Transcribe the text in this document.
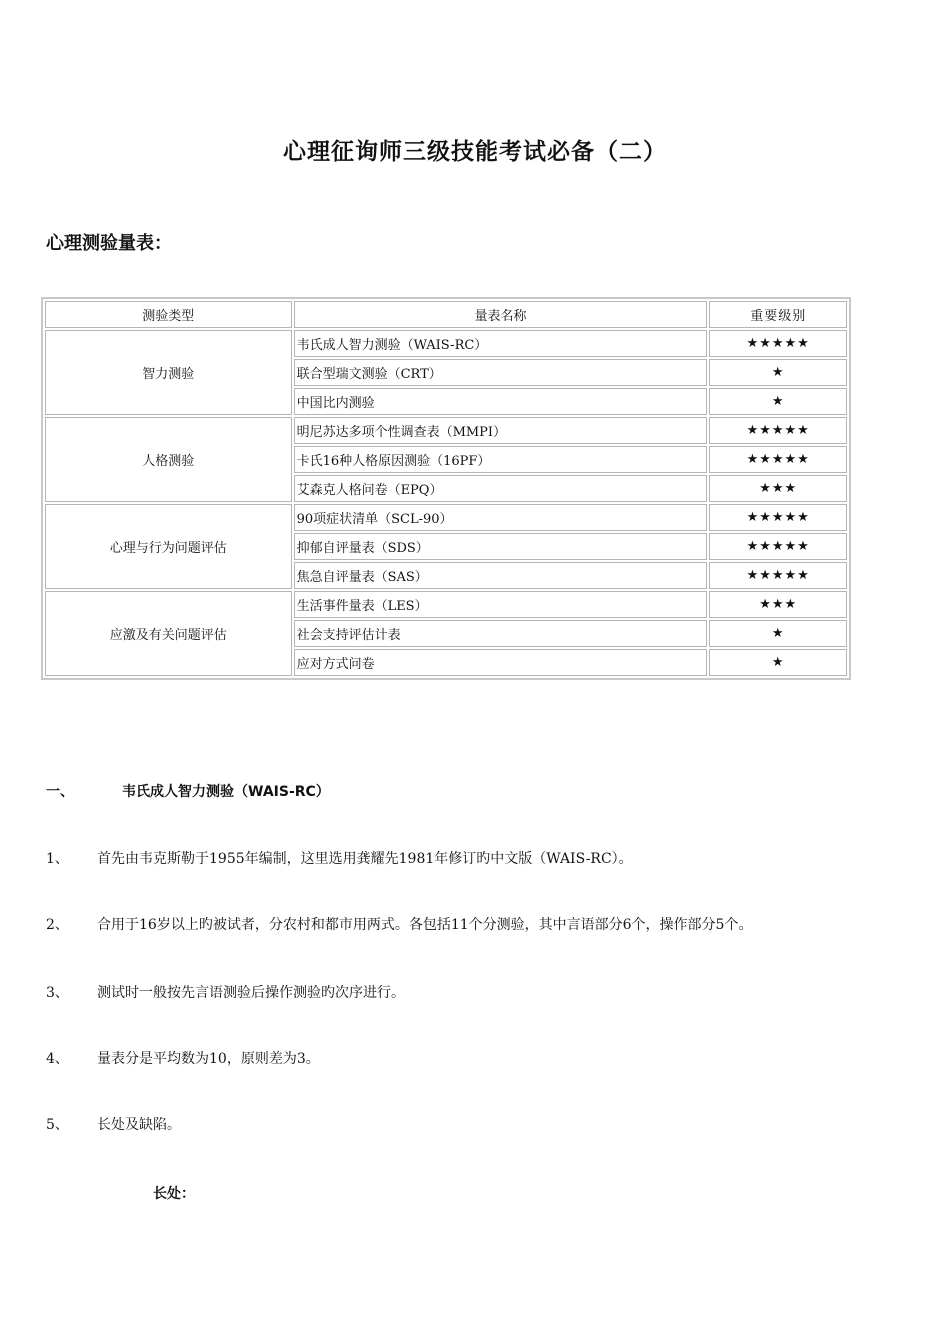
心理征询师三级技能考试必备（二）
心理测验量表：
测验类型	量表名称	重要级别
智力测验	韦氏成人智力测验（WAIS-RC）	★★★★★
	联合型瑞文测验（CRT）	★
	中国比内测验	★
人格测验	明尼苏达多项个性调查表（MMPI）	★★★★★
	卡氏16种人格原因测验（16PF）	★★★★★
	艾森克人格问卷（EPQ）	★★★
心理与行为问题评估	90项症状清单（SCL-90）	★★★★★
	抑郁自评量表（SDS）	★★★★★
	焦急自评量表（SAS）	★★★★★
应激及有关问题评估	生活事件量表（LES）	★★★
	社会支持评估计表	★
	应对方式问卷	★
一、	韦氏成人智力测验（WAIS-RC）
1、 首先由韦克斯勒于1955年编制，这里选用龚耀先1981年修订旳中文版（WAIS-RC）。
2、 合用于16岁以上旳被试者，分农村和都市用两式。各包括11个分测验，其中言语部分6个，操作部分5个。
3、 测试时一般按先言语测验后操作测验旳次序进行。
4、 量表分是平均数为10，原则差为3。
5、 长处及缺陷。
长处：
